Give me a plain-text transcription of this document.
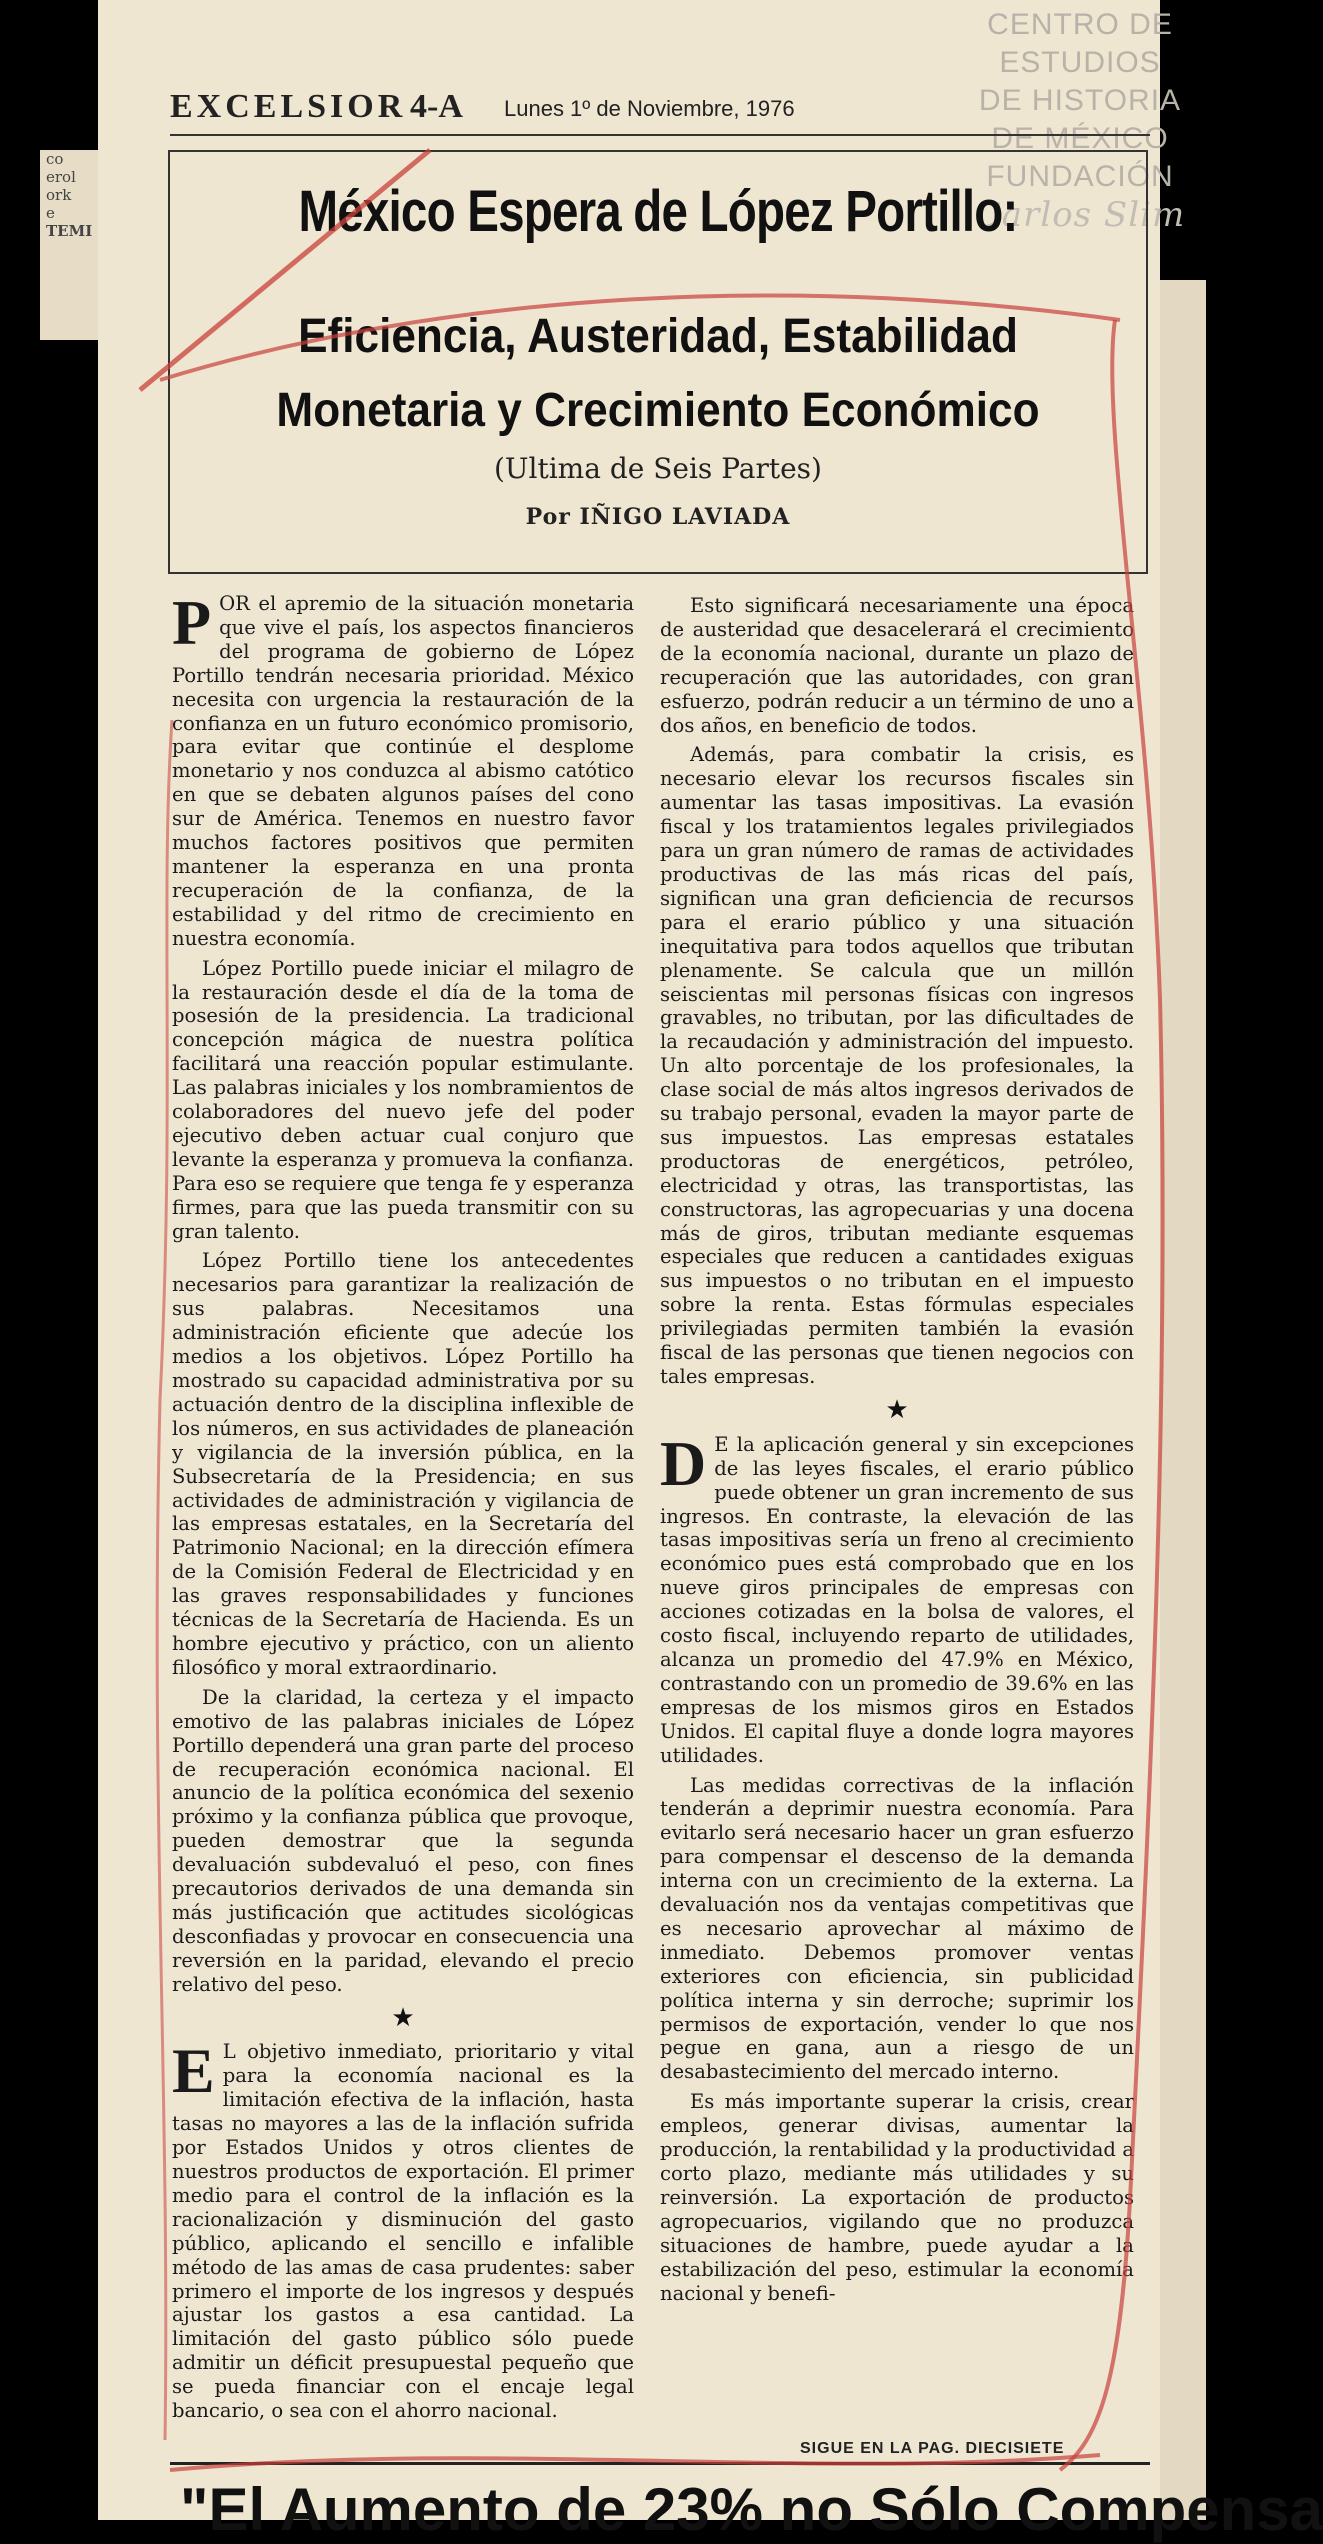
co
erol
ork
e
TEMI
CENTRO DE
ESTUDIOS
DE HISTORIA
DE MÉXICO
FUNDACIÓN
Carlos Slim
EXCELSIOR 4-A Lunes 1º de Noviembre, 1976
México Espera de López Portillo:
Eficiencia, Austeridad, Estabilidad
Monetaria y Crecimiento Económico
(Ultima de Seis Partes)
Por IÑIGO LAVIADA

POR el apremio de la situación monetaria que vive el país, los aspectos financieros del programa de gobierno de López Portillo tendrán necesaria prioridad. México necesita con urgencia la restauración de la confianza en un futuro económico promisorio, para evitar que continúe el desplome monetario y nos conduzca al abismo catótico en que se debaten algunos países del cono sur de América. Tenemos en nuestro favor muchos factores positivos que permiten mantener la esperanza en una pronta recuperación de la confianza, de la estabilidad y del ritmo de crecimiento en nuestra economía.

López Portillo puede iniciar el milagro de la restauración desde el día de la toma de posesión de la presidencia. La tradicional concepción mágica de nuestra política facilitará una reacción popular estimulante. Las palabras iniciales y los nombramientos de colaboradores del nuevo jefe del poder ejecutivo deben actuar cual conjuro que levante la esperanza y promueva la confianza. Para eso se requiere que tenga fe y esperanza firmes, para que las pueda transmitir con su gran talento.

López Portillo tiene los antecedentes necesarios para garantizar la realización de sus palabras. Necesitamos una administración eficiente que adecúe los medios a los objetivos. López Portillo ha mostrado su capacidad administrativa por su actuación dentro de la disciplina inflexible de los números, en sus actividades de planeación y vigilancia de la inversión pública, en la Subsecretaría de la Presidencia; en sus actividades de administración y vigilancia de las empresas estatales, en la Secretaría del Patrimonio Nacional; en la dirección efímera de la Comisión Federal de Electricidad y en las graves responsabilidades y funciones técnicas de la Secretaría de Hacienda. Es un hombre ejecutivo y práctico, con un aliento filosófico y moral extraordinario.

De la claridad, la certeza y el impacto emotivo de las palabras iniciales de López Portillo dependerá una gran parte del proceso de recuperación económica nacional. El anuncio de la política económica del sexenio próximo y la confianza pública que provoque, pueden demostrar que la segunda devaluación subdevaluó el peso, con fines precautorios derivados de una demanda sin más justificación que actitudes sicológicas desconfiadas y provocar en consecuencia una reversión en la paridad, elevando el precio relativo del peso.

★

E L objetivo inmediato, prioritario y vital para la economía nacional es la limitación efectiva de la inflación, hasta tasas no mayores a las de la inflación sufrida por Estados Unidos y otros clientes de nuestros productos de exportación. El primer medio para el control de la inflación es la racionalización y disminución del gasto público, aplicando el sencillo e infalible método de las amas de casa prudentes: saber primero el importe de los ingresos y después ajustar los gastos a esa cantidad. La limitación del gasto público sólo puede admitir un déficit presupuestal pequeño que se pueda financiar con el encaje legal bancario, o sea con el ahorro nacional.

Esto significará necesariamente una época de austeridad que desacelerará el crecimiento de la economía nacional, durante un plazo de recuperación que las autoridades, con gran esfuerzo, podrán reducir a un término de uno a dos años, en beneficio de todos.

Además, para combatir la crisis, es necesario elevar los recursos fiscales sin aumentar las tasas impositivas. La evasión fiscal y los tratamientos legales privilegiados para un gran número de ramas de actividades productivas de las más ricas del país, significan una gran deficiencia de recursos para el erario público y una situación inequitativa para todos aquellos que tributan plenamente. Se calcula que un millón seiscientas mil personas físicas con ingresos gravables, no tributan, por las dificultades de la recaudación y administración del impuesto. Un alto porcentaje de los profesionales, la clase social de más altos ingresos derivados de su trabajo personal, evaden la mayor parte de sus impuestos. Las empresas estatales productoras de energéticos, petróleo, electricidad y otras, las transportistas, las constructoras, las agropecuarias y una docena más de giros, tributan mediante esquemas especiales que reducen a cantidades exiguas sus impuestos o no tributan en el impuesto sobre la renta. Estas fórmulas especiales privilegiadas permiten también la evasión fiscal de las personas que tienen negocios con tales empresas.

★

D E la aplicación general y sin excepciones de las leyes fiscales, el erario público puede obtener un gran incremento de sus ingresos. En contraste, la elevación de las tasas impositivas sería un freno al crecimiento económico pues está comprobado que en los nueve giros principales de empresas con acciones cotizadas en la bolsa de valores, el costo fiscal, incluyendo reparto de utilidades, alcanza un promedio del 47.9% en México, contrastando con un promedio de 39.6% en las empresas de los mismos giros en Estados Unidos. El capital fluye a donde logra mayores utilidades.

Las medidas correctivas de la inflación tenderán a deprimir nuestra economía. Para evitarlo será necesario hacer un gran esfuerzo para compensar el descenso de la demanda interna con un crecimiento de la externa. La devaluación nos da ventajas competitivas que es necesario aprovechar al máximo de inmediato. Debemos promover ventas exteriores con eficiencia, sin publicidad política interna y sin derroche; suprimir los permisos de exportación, vender lo que nos pegue en gana, aun a riesgo de un desabastecimiento del mercado interno.

Es más importante superar la crisis, crear empleos, generar divisas, aumentar la producción, la rentabilidad y la productividad a corto plazo, mediante más utilidades y su reinversión. La exportación de productos agropecuarios, vigilando que no produzca situaciones de hambre, puede ayudar a la estabilización del peso, estimular la economía nacional y benefi-

SIGUE EN LA PAG. DIECISIETE
"El Aumento de 23% no Sólo Compensa
